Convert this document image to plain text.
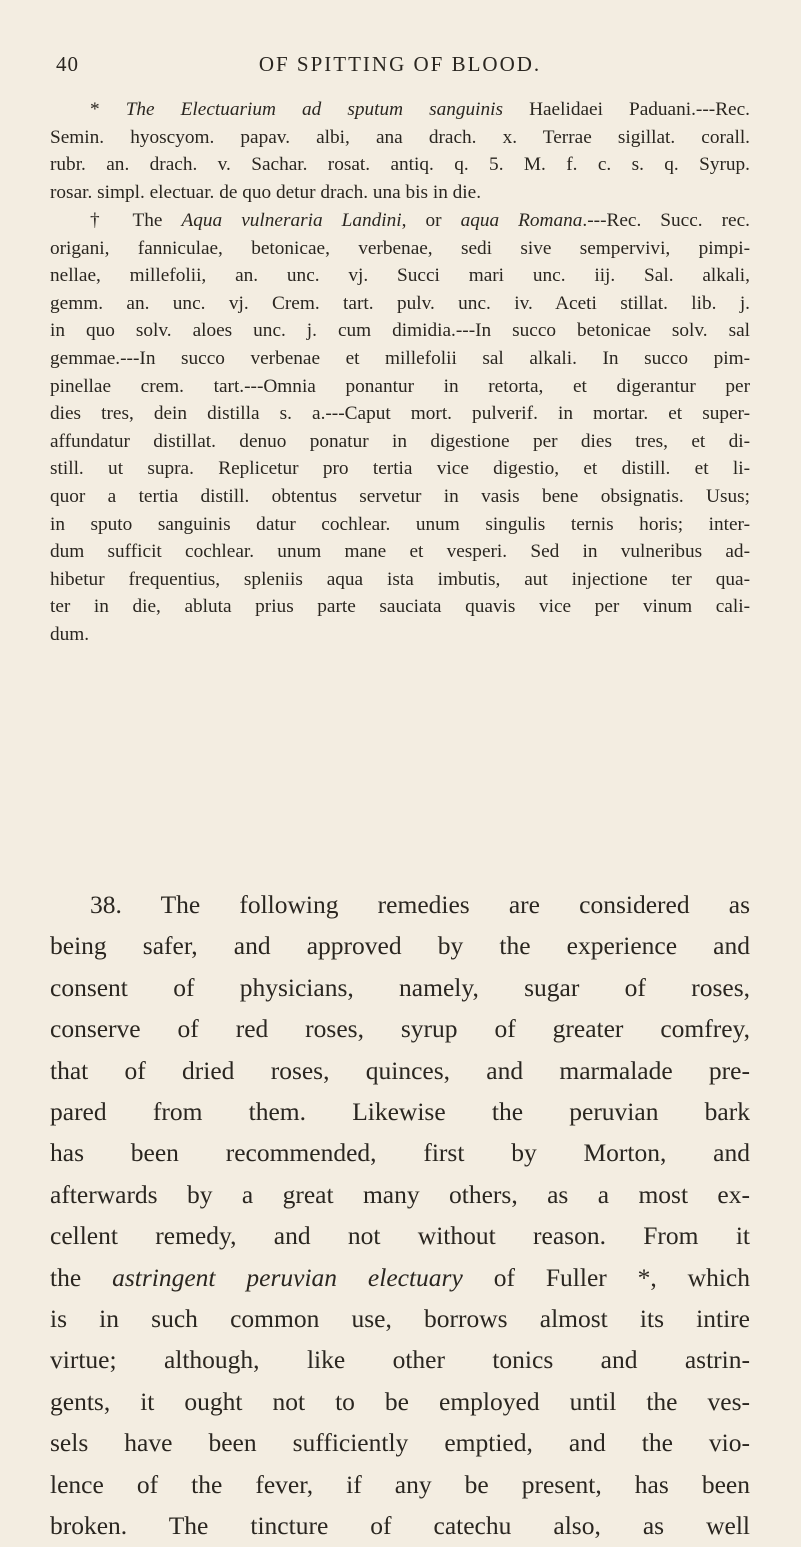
40	OF SPITTING OF BLOOD.

* The Electuarium ad sputum sanguinis Haelidaei Paduani.---Rec.
Semin. hyoscyom. papav. albi, ana drach. x. Terrae sigillat. corall.
rubr. an. drach. v. Sachar. rosat. antiq. q. 5. M. f. c. s. q. Syrup.
rosar. simpl. electuar. de quo detur drach. una bis in die.

† The Aqua vulneraria Landini, or aqua Romana.---Rec. Succ. rec.
origani, fanniculae, betonicae, verbenae, sedi sive sempervivi, pimpi-
nellae, millefolii, an. unc. vj. Succi mari unc. iij. Sal. alkali,
gemm. an. unc. vj. Crem. tart. pulv. unc. iv. Aceti stillat. lib. j.
in quo solv. aloes unc. j. cum dimidia.---In succo betonicae solv. sal
gemmae.---In succo verbenae et millefolii sal alkali. In succo pim-
pinellae crem. tart.---Omnia ponantur in retorta, et digerantur per
dies tres, dein distilla s. a.---Caput mort. pulverif. in mortar. et super-
affundatur distillat. denuo ponatur in digestione per dies tres, et di-
still. ut supra. Replicetur pro tertia vice digestio, et distill. et li-
quor a tertia distill. obtentus servetur in vasis bene obsignatis. Usus;
in sputo sanguinis datur cochlear. unum singulis ternis horis; inter-
dum sufficit cochlear. unum mane et vesperi. Sed in vulneribus ad-
hibetur frequentius, spleniis aqua ista imbutis, aut injectione ter qua-
ter in die, abluta prius parte sauciata quavis vice per vinum cali-
dum.

38. The following remedies are considered as
being safer, and approved by the experience and
consent of physicians, namely, sugar of roses,
conserve of red roses, syrup of greater comfrey,
that of dried roses, quinces, and marmalade pre-
pared from them. Likewise the peruvian bark
has been recommended, first by Morton, and
afterwards by a great many others, as a most ex-
cellent remedy, and not without reason. From it
the astringent peruvian electuary of Fuller *, which
is in such common use, borrows almost its intire
virtue; although, like other tonics and astrin-
gents, it ought not to be employed until the ves-
sels have been sufficiently emptied, and the vio-
lence of the fever, if any be present, has been
broken. The tincture of catechu also, as well
